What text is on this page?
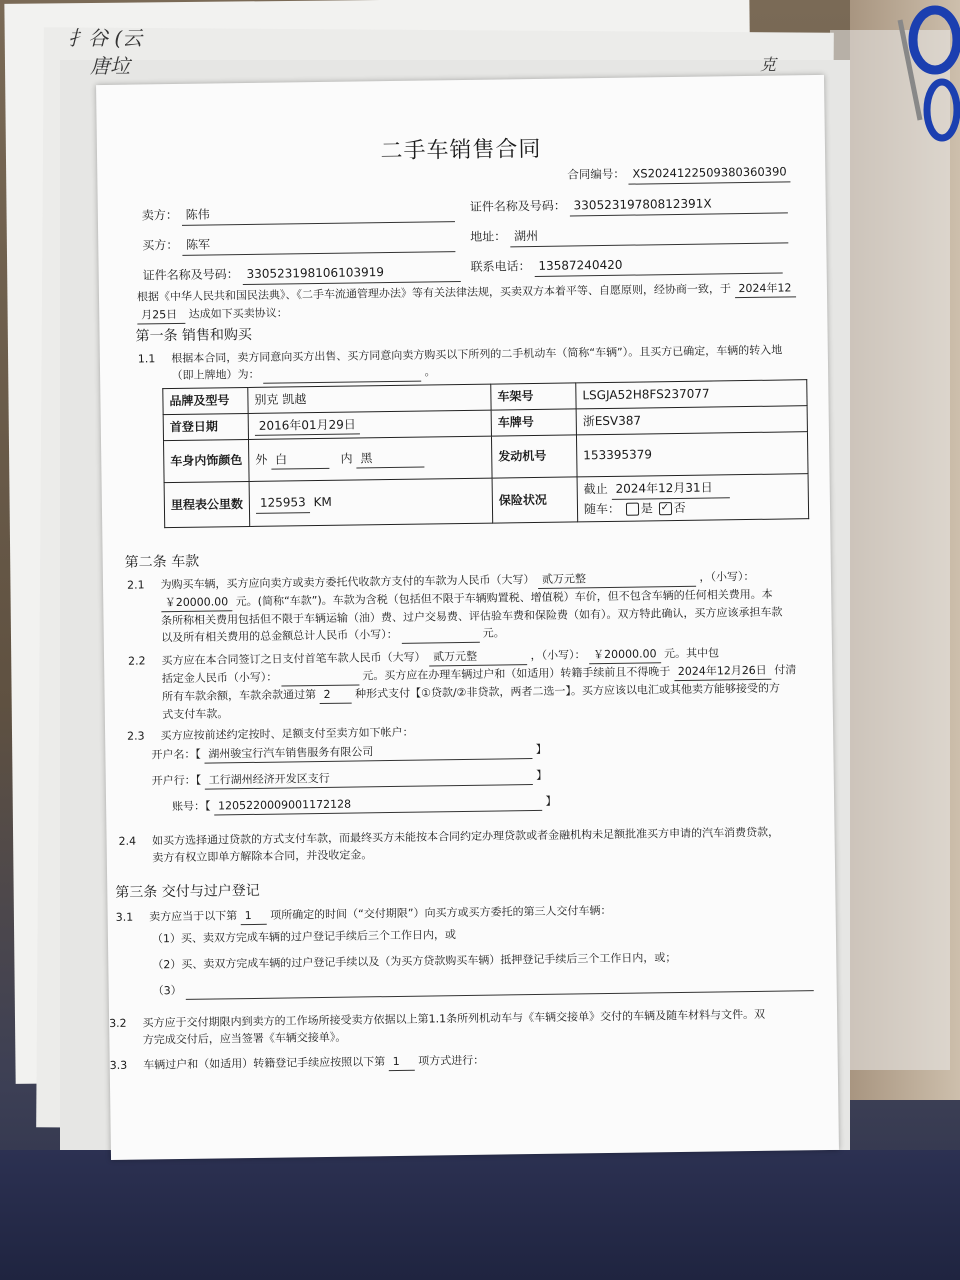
扌谷 (云
唐垃	克
二手车销售合同
合同编号： XS2024122509380360390
卖方： 陈伟
证件名称及号码： 33052319780812391X
买方： 陈军
地址： 湖州
证件名称及号码： 330523198106103919	联系电话： 13587240420
根据《中华人民共和国民法典》、《二手车流通管理办法》等有关法律法规，买卖双方本着平等、自愿原则，经协商一致，于 2024年12 月25日 达成如下买卖协议：
第一条 销售和购买
1.1 根据本合同，卖方同意向买方出售、买方同意向卖方购买以下所列的二手机动车（简称“车辆”）。且买方已确定，车辆的转入地
（即上牌地）为：	。
品牌及型号	别克 凯越	车架号	LSGJA52H8FS237077
首登日期	2016年01月29日	车牌号	浙ESV387
车身内饰颜色	外 白 内 黑	发动机号	153395379
里程表公里数	125953 KM	保险状况	截止 2024年12月31日
随车： 是 ✓ 否
第二条 车款
2.1 为购买车辆，买方应向卖方或卖方委托代收款方支付的车款为人民币（大写） 贰万元整	，（小写）：
￥20000.00 元。(简称“车款”)。车款为含税（包括但不限于车辆购置税、增值税）车价，但不包含车辆的任何相关费用。本
条所称相关费用包括但不限于车辆运输（油）费、过户交易费、评估验车费和保险费（如有）。双方特此确认，买方应该承担车款
以及所有相关费用的总金额总计人民币（小写）：	元。
2.2 买方应在本合同签订之日支付首笔车款人民币（大写） 贰万元整	，（小写）： ￥20000.00 元。其中包
括定金人民币（小写）：	元。买方应在办理车辆过户和（如适用）转籍手续前且不得晚于 2024年12月26日 付清
所有车款余额，车款余款通过第 2 种形式支付【①贷款/②非贷款，两者二选一】。买方应该以电汇或其他卖方能够接受的方
式支付车款。
2.3 买方应按前述约定按时、足额支付至卖方如下帐户：
开户名：【 湖州骏宝行汽车销售服务有限公司	】
开户行：【 工行湖州经济开发区支行	】
账号：【 1205220009001172128	】
2.4 如买方选择通过贷款的方式支付车款，而最终买方未能按本合同约定办理贷款或者金融机构未足额批准买方申请的汽车消费贷款，
卖方有权立即单方解除本合同，并没收定金。
第三条 交付与过户登记
3.1 卖方应当于以下第 1 项所确定的时间（“交付期限”）向买方或买方委托的第三人交付车辆：
（1）买、卖双方完成车辆的过户登记手续后三个工作日内，或
（2）买、卖双方完成车辆的过户登记手续以及（为买方贷款购买车辆）抵押登记手续后三个工作日内，或；
（3）
3.2 买方应于交付期限内到卖方的工作场所接受卖方依据以上第1.1条所列机动车与《车辆交接单》交付的车辆及随车材料与文件。双
方完成交付后，应当签署《车辆交接单》。
3.3 车辆过户和（如适用）转籍登记手续应按照以下第 1 项方式进行：
